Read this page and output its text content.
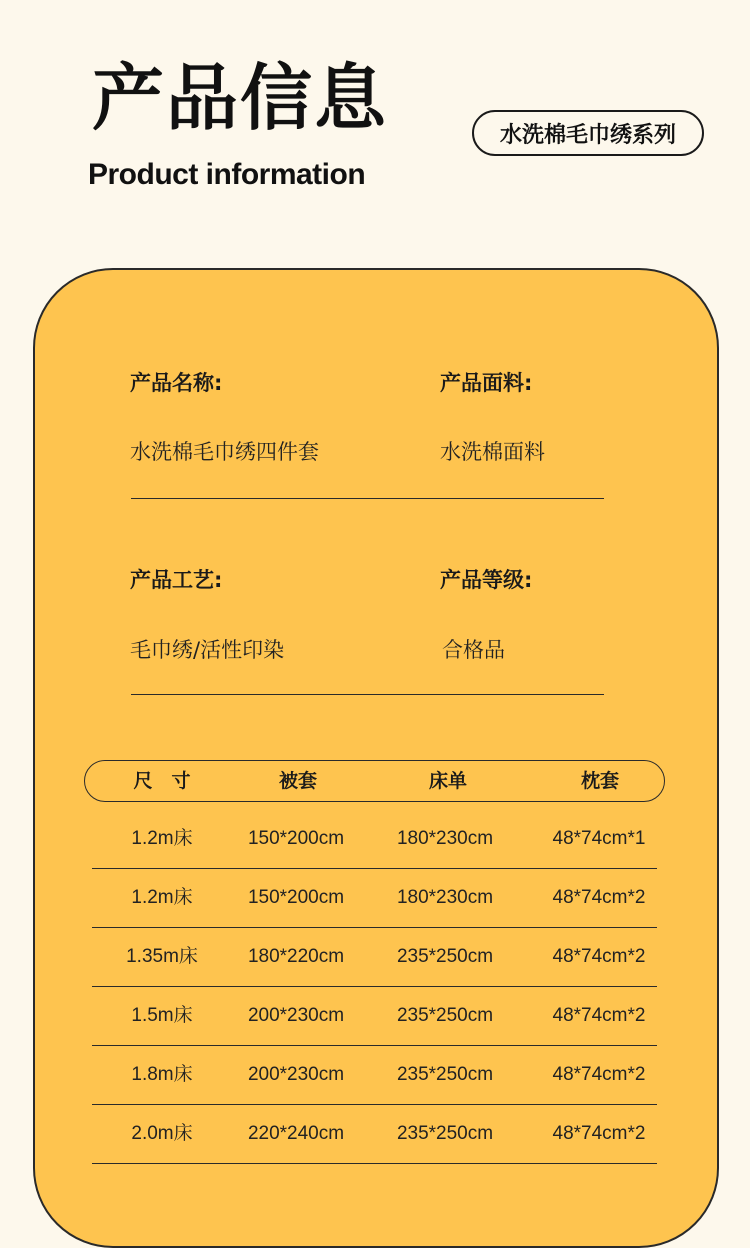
产品信息
Product information
水洗棉毛巾绣系列
产品名称:
水洗棉毛巾绣四件套
产品面料:
水洗棉面料
产品工艺:
毛巾绣/活性印染
产品等级:
合格品
尺　寸	被套	床单	枕套
1.2m床	150*200cm	180*230cm	48*74cm*1
1.2m床	150*200cm	180*230cm	48*74cm*2
1.35m床	180*220cm	235*250cm	48*74cm*2
1.5m床	200*230cm	235*250cm	48*74cm*2
1.8m床	200*230cm	235*250cm	48*74cm*2
2.0m床	220*240cm	235*250cm	48*74cm*2
